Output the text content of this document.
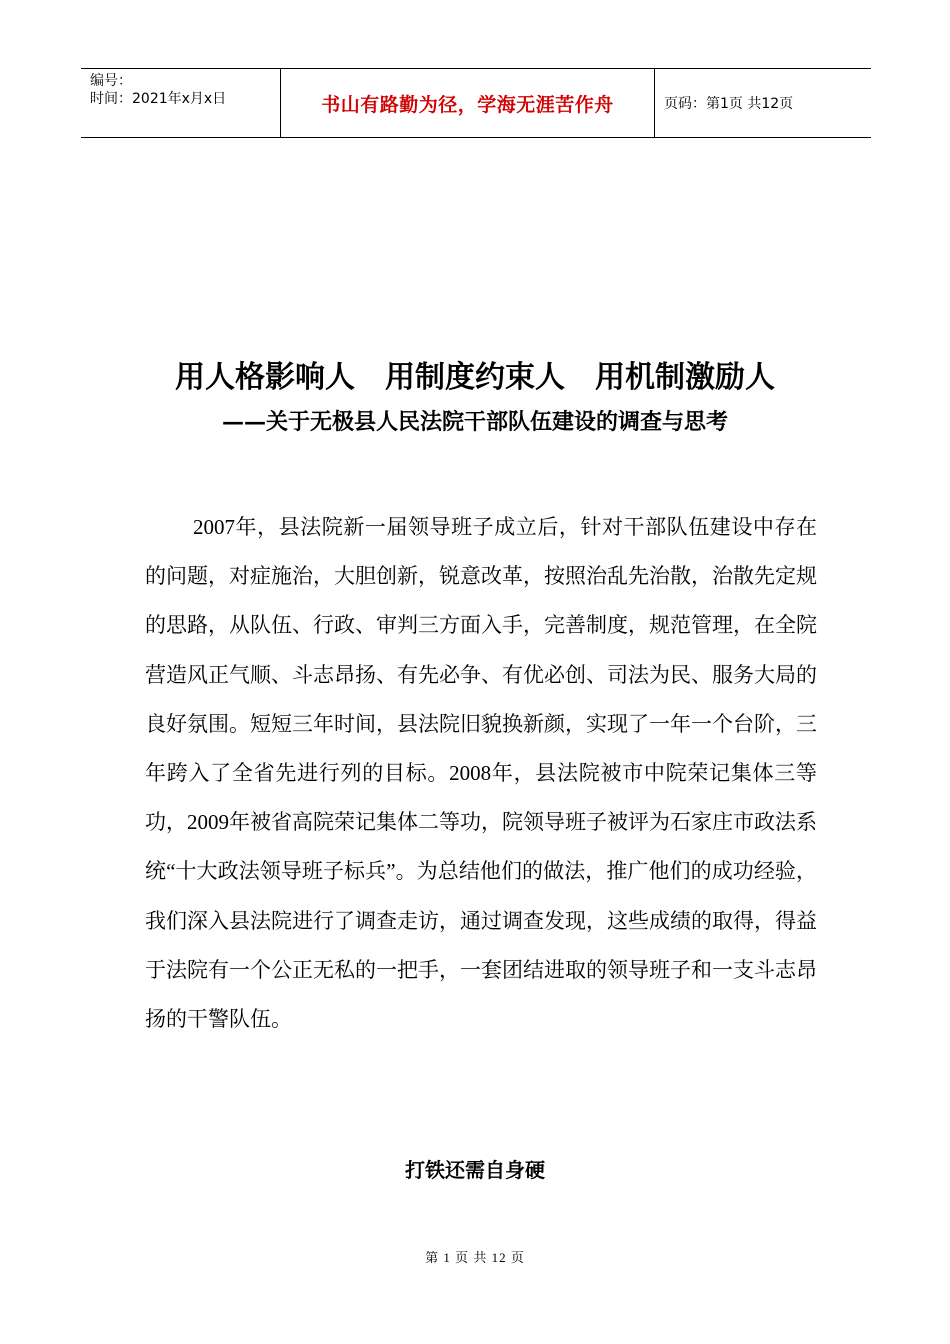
编号：
时间：2021年x月x日	书山有路勤为径，学海无涯苦作舟	页码：第1页 共12页
用人格影响人　用制度约束人　用机制激励人
——关于无极县人民法院干部队伍建设的调查与思考
2007年，县法院新一届领导班子成立后，针对干部队伍建设中存在的问题，对症施治，大胆创新，锐意改革，按照治乱先治散，治散先定规的思路，从队伍、行政、审判三方面入手，完善制度，规范管理，在全院营造风正气顺、斗志昂扬、有先必争、有优必创、司法为民、服务大局的良好氛围。短短三年时间，县法院旧貌换新颜，实现了一年一个台阶，三年跨入了全省先进行列的目标。2008年，县法院被市中院荣记集体三等功，2009年被省高院荣记集体二等功，院领导班子被评为石家庄市政法系统“十大政法领导班子标兵”。为总结他们的做法，推广他们的成功经验，我们深入县法院进行了调查走访，通过调查发现，这些成绩的取得，得益于法院有一个公正无私的一把手，一套团结进取的领导班子和一支斗志昂扬的干警队伍。
打铁还需自身硬
第 1 页 共 12 页
